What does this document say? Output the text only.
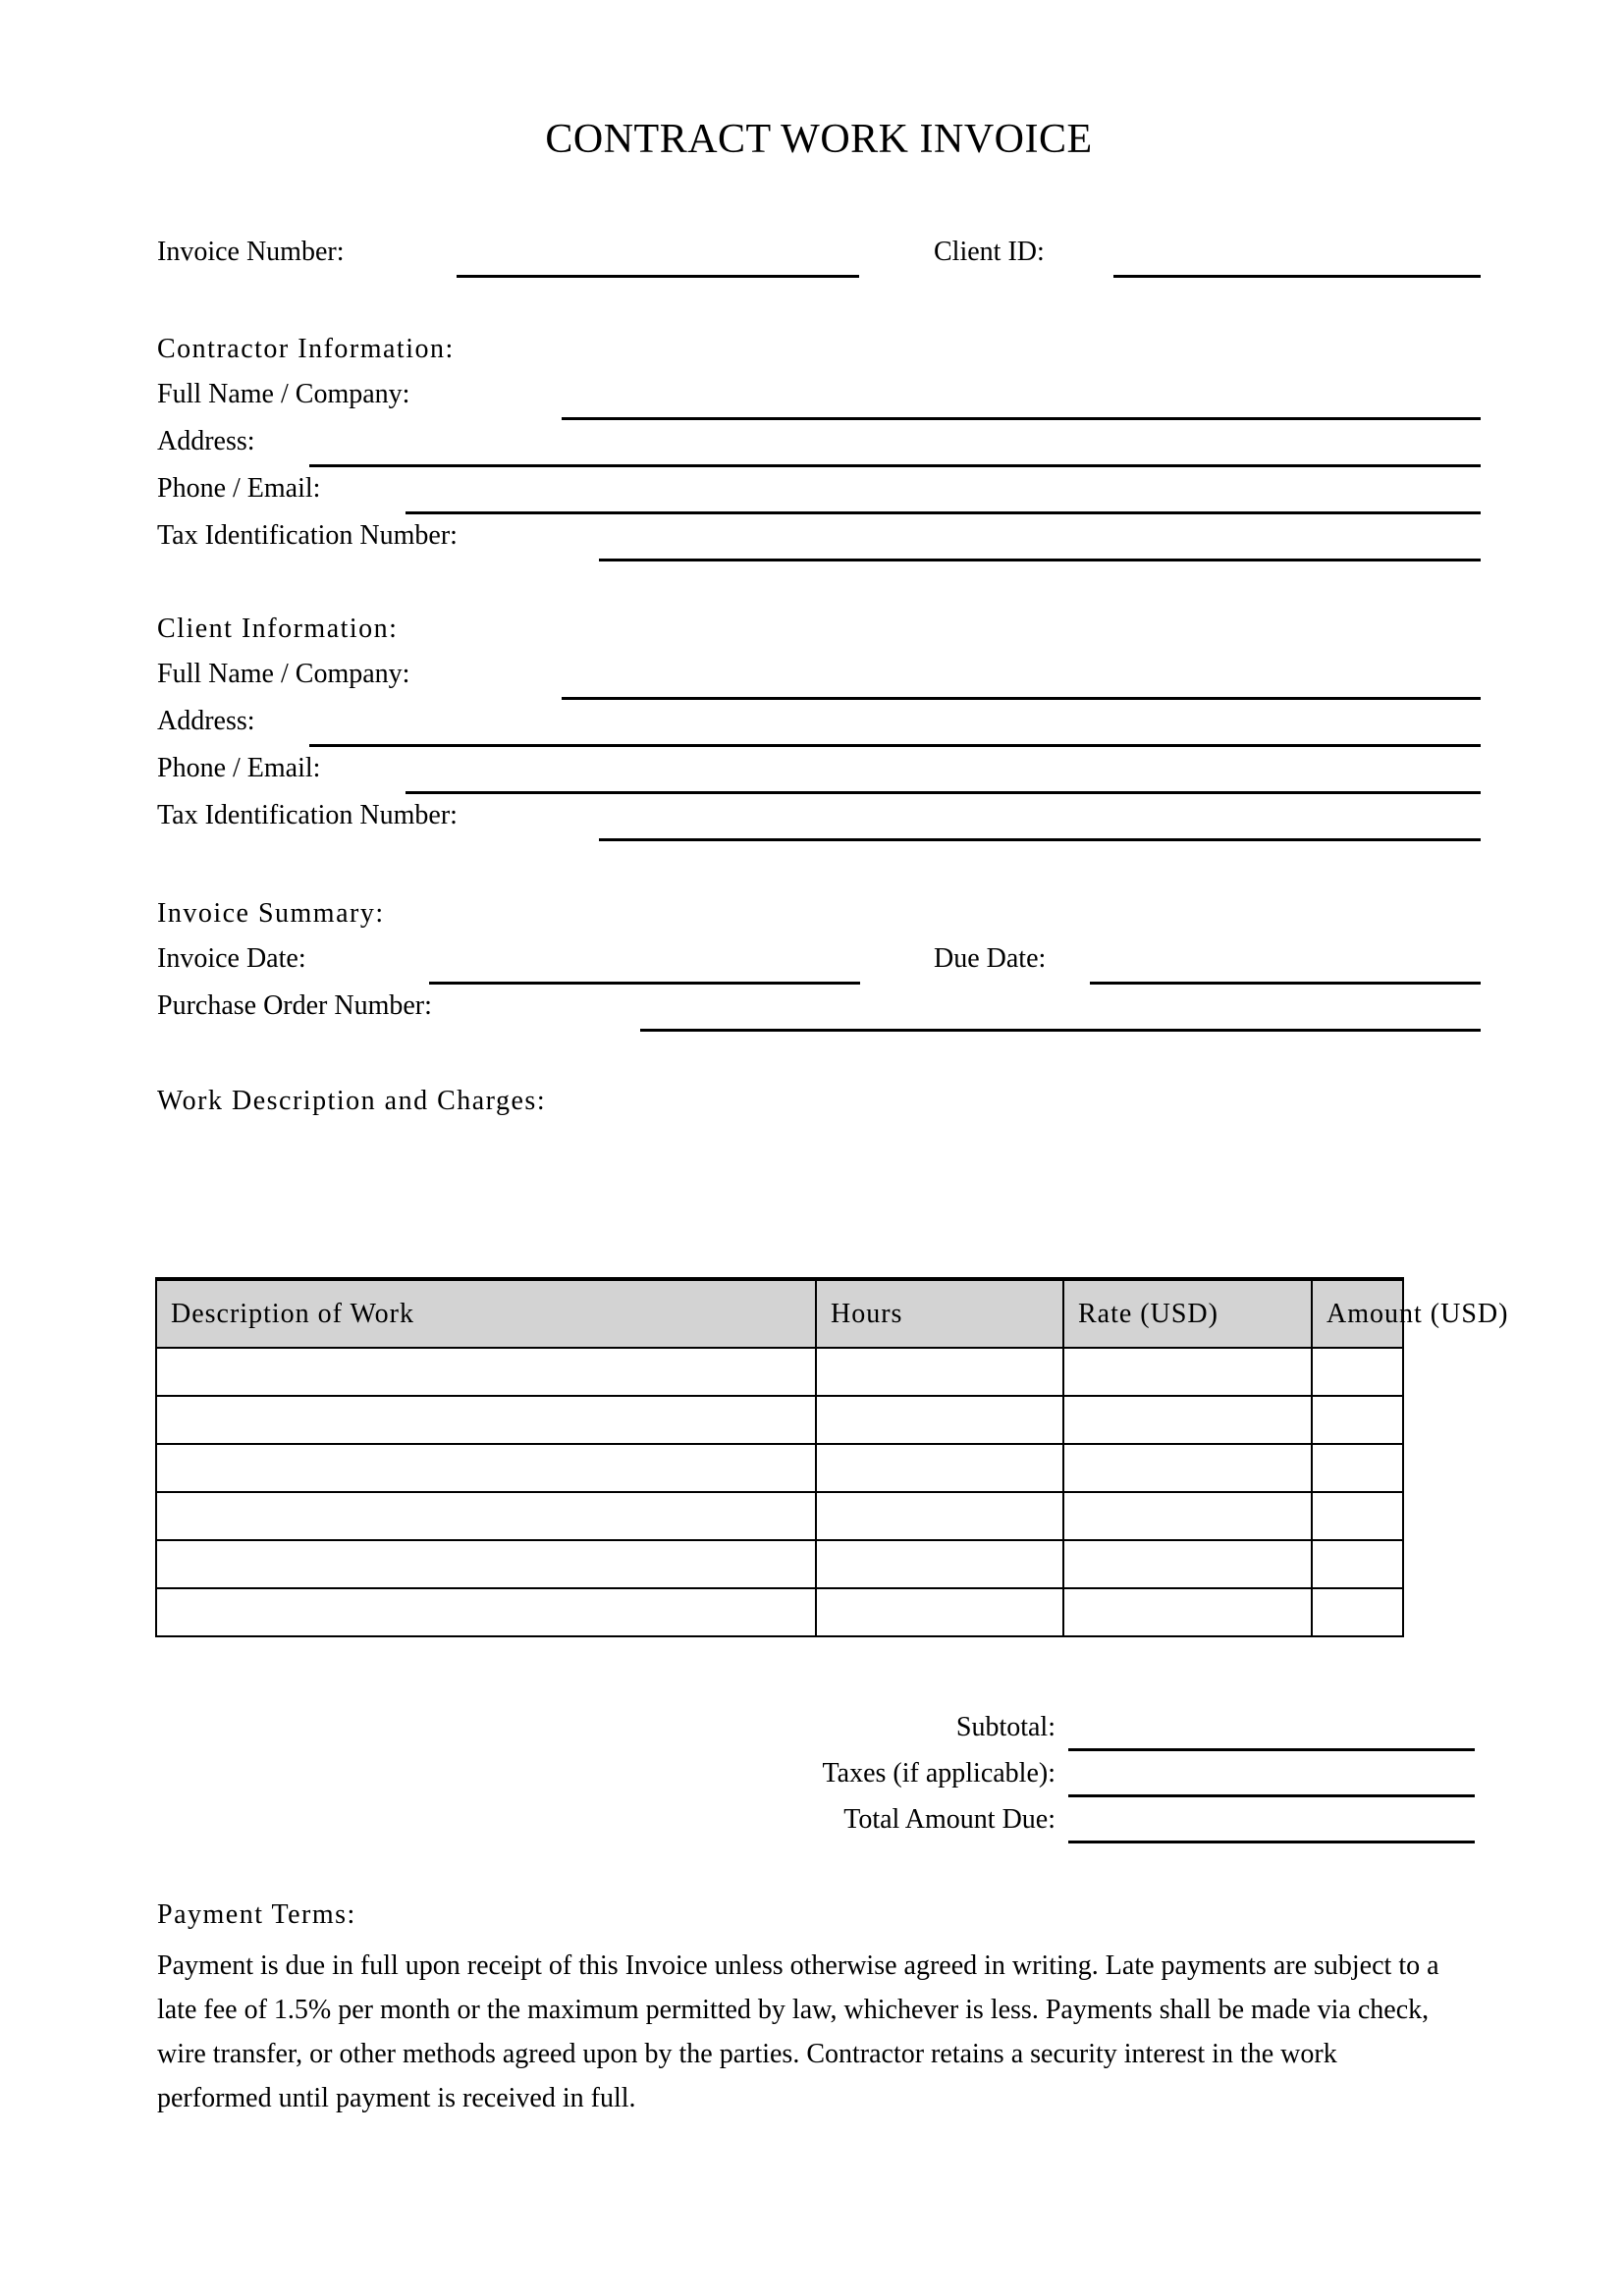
CONTRACT WORK INVOICE
Invoice Number:	Client ID:
Contractor Information:
Full Name / Company:
Address:
Phone / Email:
Tax Identification Number:
Client Information:
Full Name / Company:
Address:
Phone / Email:
Tax Identification Number:
Invoice Summary:
Invoice Date:	Due Date:
Purchase Order Number:
Work Description and Charges:
Description of Work	Hours	Rate (USD)	Amount (USD)

Subtotal:
Taxes (if applicable):
Total Amount Due:
Payment Terms:

Payment is due in full upon receipt of this Invoice unless otherwise agreed in writing. Late payments are subject to a late fee of 1.5% per month or the maximum permitted by law, whichever is less. Payments shall be made via check, wire transfer, or other methods agreed upon by the parties. Contractor retains a security interest in the work performed until payment is received in full.
